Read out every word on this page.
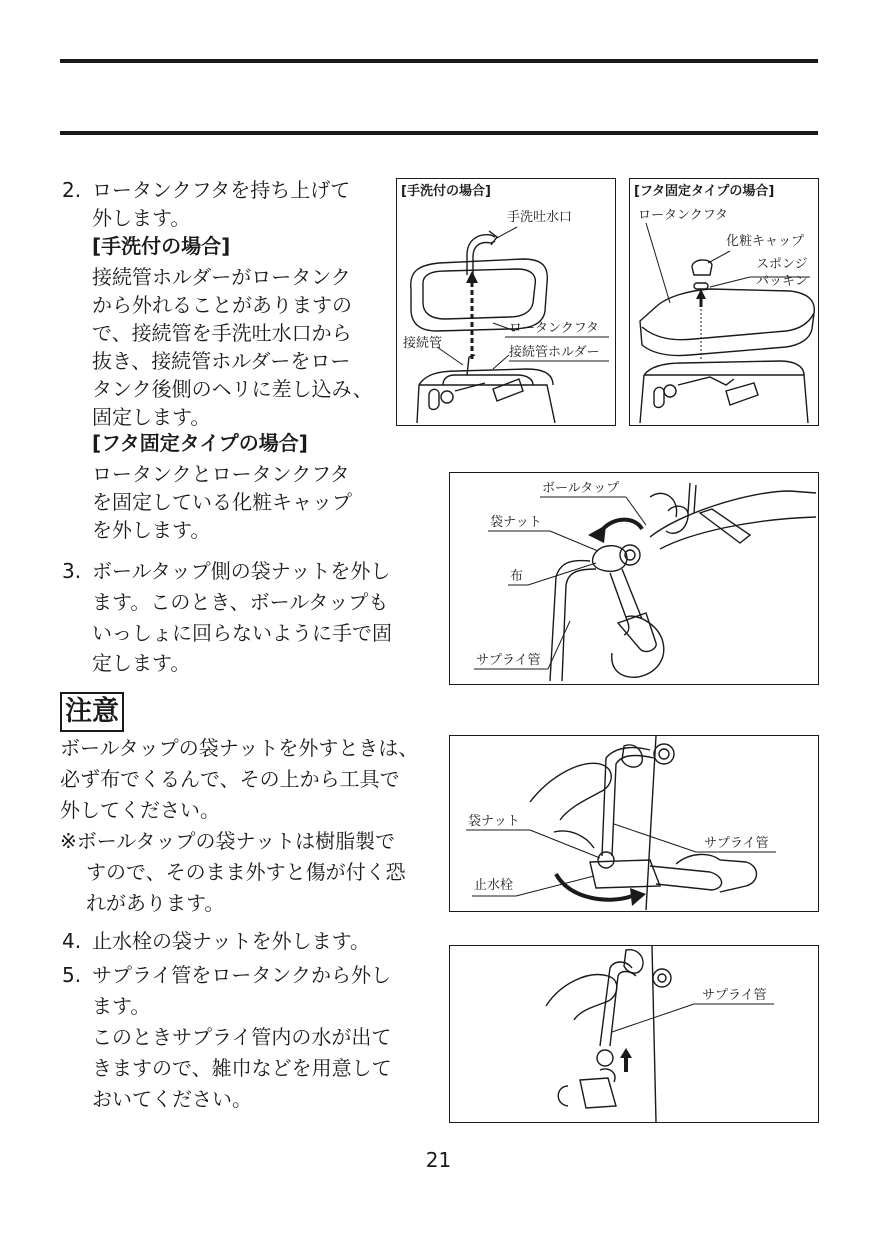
2. ロータンクフタを持ち上げて
外します。
[手洗付の場合]
接続管ホルダーがロータンク
から外れることがありますの
で、接続管を手洗吐水口から
抜き、接続管ホルダーをロー
タンク後側のヘリに差し込み、
固定します。
[フタ固定タイプの場合]
ロータンクとロータンクフタ
を固定している化粧キャップ
を外します。
3. ボールタップ側の袋ナットを外し
ます。このとき、ボールタップも
いっしょに回らないように手で固
定します。
注意
ボールタップの袋ナットを外すときは、
必ず布でくるんで、その上から工具で
外してください。
※ボールタップの袋ナットは樹脂製で
すので、そのまま外すと傷が付く恐
れがあります。
4. 止水栓の袋ナットを外します。
5. サプライ管をロータンクから外し
ます。
このときサプライ管内の水が出て
きますので、雑巾などを用意して
おいてください。
[手洗付の場合]
手洗吐水口
ロータンクフタ
接続管
接続管ホルダー
[フタ固定タイプの場合]
ロータンクフタ
化粧キャップ
スポンジ
パッキン
ボールタップ
袋ナット
布
サプライ管
袋ナット
サプライ管
止水栓
サプライ管
21
